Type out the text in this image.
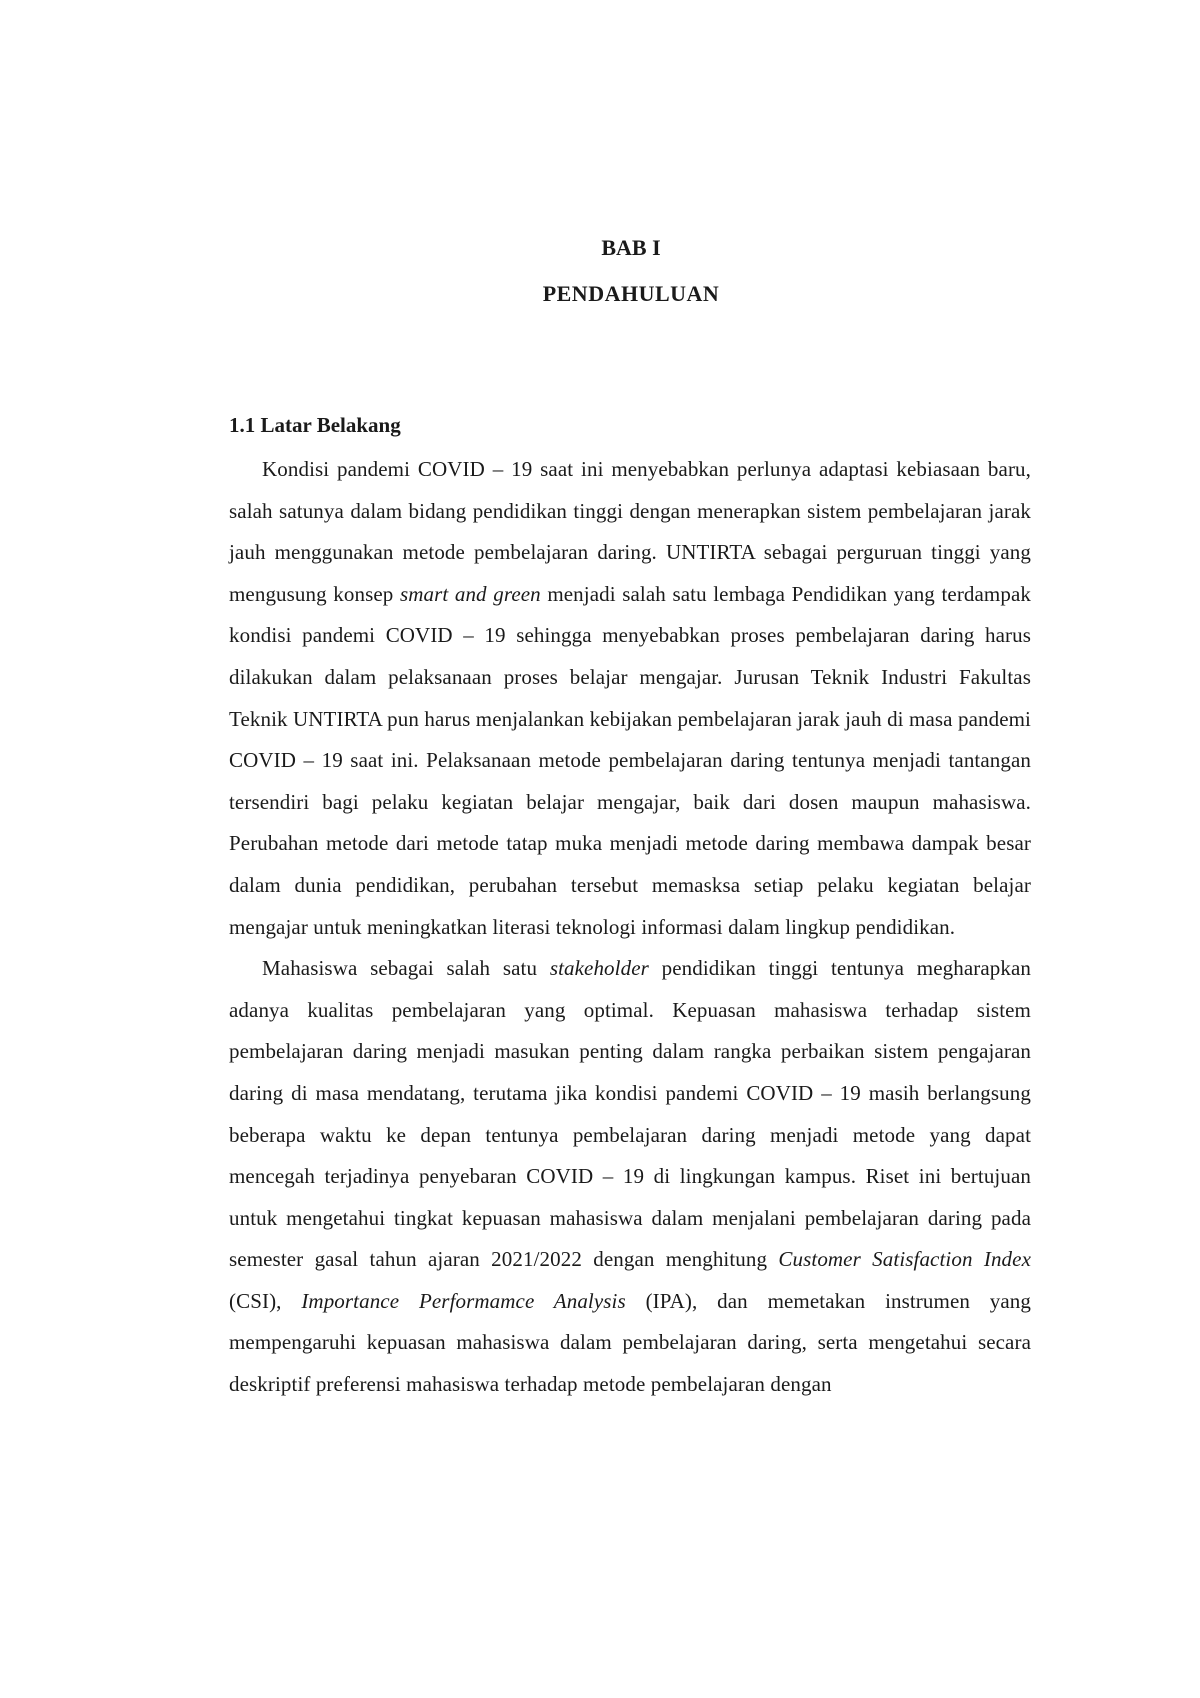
BAB I
PENDAHULUAN
1.1 Latar Belakang

Kondisi pandemi COVID – 19 saat ini menyebabkan perlunya adaptasi kebiasaan baru, salah satunya dalam bidang pendidikan tinggi dengan menerapkan sistem pembelajaran jarak jauh menggunakan metode pembelajaran daring. UNTIRTA sebagai perguruan tinggi yang mengusung konsep smart and green menjadi salah satu lembaga Pendidikan yang terdampak kondisi pandemi COVID – 19 sehingga menyebabkan proses pembelajaran daring harus dilakukan dalam pelaksanaan proses belajar mengajar. Jurusan Teknik Industri Fakultas Teknik UNTIRTA pun harus menjalankan kebijakan pembelajaran jarak jauh di masa pandemi COVID – 19 saat ini. Pelaksanaan metode pembelajaran daring tentunya menjadi tantangan tersendiri bagi pelaku kegiatan belajar mengajar, baik dari dosen maupun mahasiswa. Perubahan metode dari metode tatap muka menjadi metode daring membawa dampak besar dalam dunia pendidikan, perubahan tersebut memasksa setiap pelaku kegiatan belajar mengajar untuk meningkatkan literasi teknologi informasi dalam lingkup pendidikan.

Mahasiswa sebagai salah satu stakeholder pendidikan tinggi tentunya megharapkan adanya kualitas pembelajaran yang optimal. Kepuasan mahasiswa terhadap sistem pembelajaran daring menjadi masukan penting dalam rangka perbaikan sistem pengajaran daring di masa mendatang, terutama jika kondisi pandemi COVID – 19 masih berlangsung beberapa waktu ke depan tentunya pembelajaran daring menjadi metode yang dapat mencegah terjadinya penyebaran COVID – 19 di lingkungan kampus. Riset ini bertujuan untuk mengetahui tingkat kepuasan mahasiswa dalam menjalani pembelajaran daring pada semester gasal tahun ajaran 2021/2022 dengan menghitung Customer Satisfaction Index (CSI), Importance Performamce Analysis (IPA), dan memetakan instrumen yang mempengaruhi kepuasan mahasiswa dalam pembelajaran daring, serta mengetahui secara deskriptif preferensi mahasiswa terhadap metode pembelajaran dengan
